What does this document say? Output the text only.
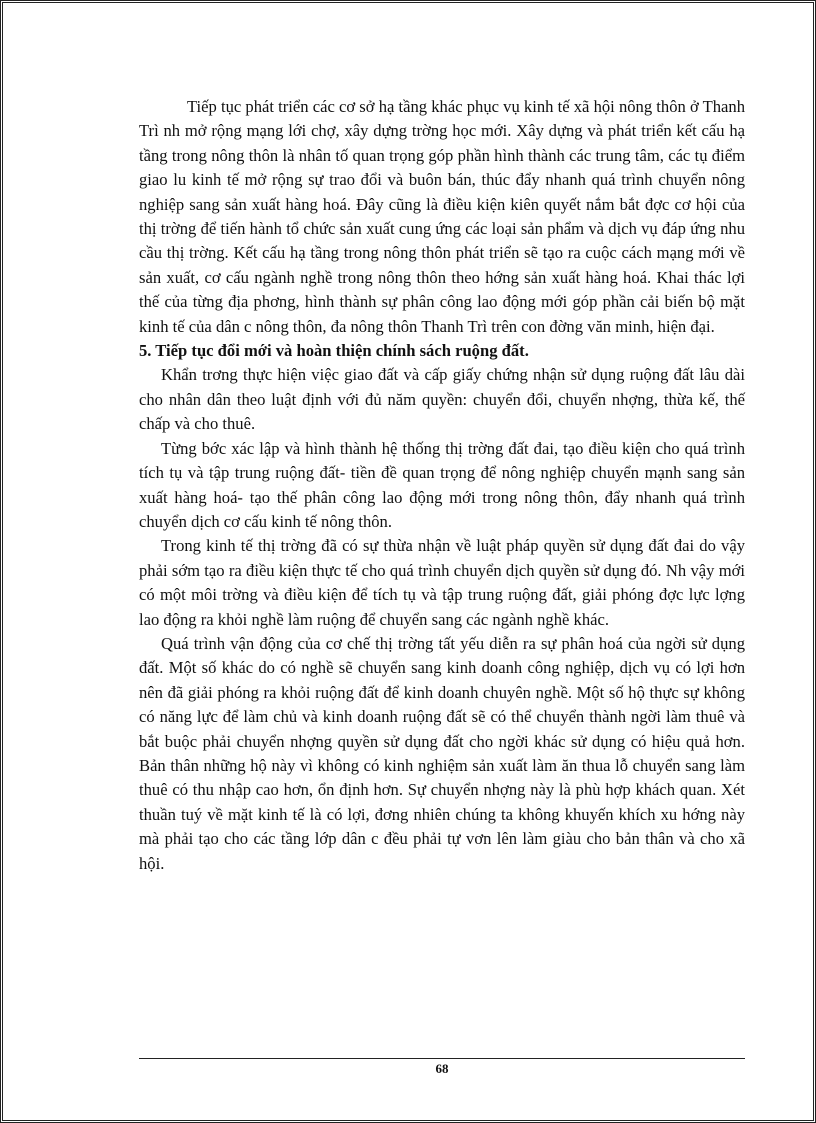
Tiếp tục phát triển các cơ sở hạ tầng khác phục vụ kinh tế xã hội nông thôn ở Thanh Trì nh mở rộng mạng lới chợ, xây dựng trờng học mới. Xây dựng và phát triển kết cấu hạ tầng trong nông thôn là nhân tố quan trọng góp phần hình thành các trung tâm, các tụ điểm giao lu kinh tế mở rộng sự trao đổi và buôn bán, thúc đẩy nhanh quá trình chuyển nông nghiệp sang sản xuất hàng hoá. Đây cũng là điều kiện kiên quyết nắm bắt đợc cơ hội của thị trờng để tiến hành tổ chức sản xuất cung ứng các loại sản phẩm và dịch vụ đáp ứng nhu cầu thị trờng. Kết cấu hạ tầng trong nông thôn phát triển sẽ tạo ra cuộc cách mạng mới về sản xuất, cơ cấu ngành nghề trong nông thôn theo hớng sản xuất hàng hoá. Khai thác lợi thế của từng địa phơng, hình thành sự phân công lao động mới góp phần cải biến bộ mặt kinh tế của dân c nông thôn, đa nông thôn Thanh Trì trên con đờng văn minh, hiện đại.

5. Tiếp tục đổi mới và hoàn thiện chính sách ruộng đất.

Khẩn trơng thực hiện việc giao đất và cấp giấy chứng nhận sử dụng ruộng đất lâu dài cho nhân dân theo luật định với đủ năm quyền: chuyển đổi, chuyển nhợng, thừa kế, thế chấp và cho thuê.

Từng bớc xác lập và hình thành hệ thống thị trờng đất đai, tạo điều kiện cho quá trình tích tụ và tập trung ruộng đất- tiền đề quan trọng để nông nghiệp chuyển mạnh sang sản xuất hàng hoá- tạo thế phân công lao động mới trong nông thôn, đẩy nhanh quá trình chuyển dịch cơ cấu kinh tế nông thôn.

Trong kinh tế thị trờng đã có sự thừa nhận về luật pháp quyền sử dụng đất đai do vậy phải sớm tạo ra điều kiện thực tế cho quá trình chuyển dịch quyền sử dụng đó. Nh vậy mới có một môi trờng và điều kiện để tích tụ và tập trung ruộng đất, giải phóng đợc lực lợng lao động ra khỏi nghề làm ruộng để chuyển sang các ngành nghề khác.

Quá trình vận động của cơ chế thị trờng tất yếu diễn ra sự phân hoá của ngời sử dụng đất. Một số khác do có nghề sẽ chuyển sang kinh doanh công nghiệp, dịch vụ có lợi hơn nên đã giải phóng ra khỏi ruộng đất để kinh doanh chuyên nghề. Một số hộ thực sự không có năng lực để làm chủ và kinh doanh ruộng đất sẽ có thể chuyển thành ngời làm thuê và bắt buộc phải chuyển nhợng quyền sử dụng đất cho ngời khác sử dụng có hiệu quả hơn. Bản thân những hộ này vì không có kinh nghiệm sản xuất làm ăn thua lỗ chuyển sang làm thuê có thu nhập cao hơn, ổn định hơn. Sự chuyển nhợng này là phù hợp khách quan. Xét thuần tuý về mặt kinh tế là có lợi, đơng nhiên chúng ta không khuyến khích xu hớng này mà phải tạo cho các tầng lớp dân c đều phải tự vơn lên làm giàu cho bản thân và cho xã hội.

68
